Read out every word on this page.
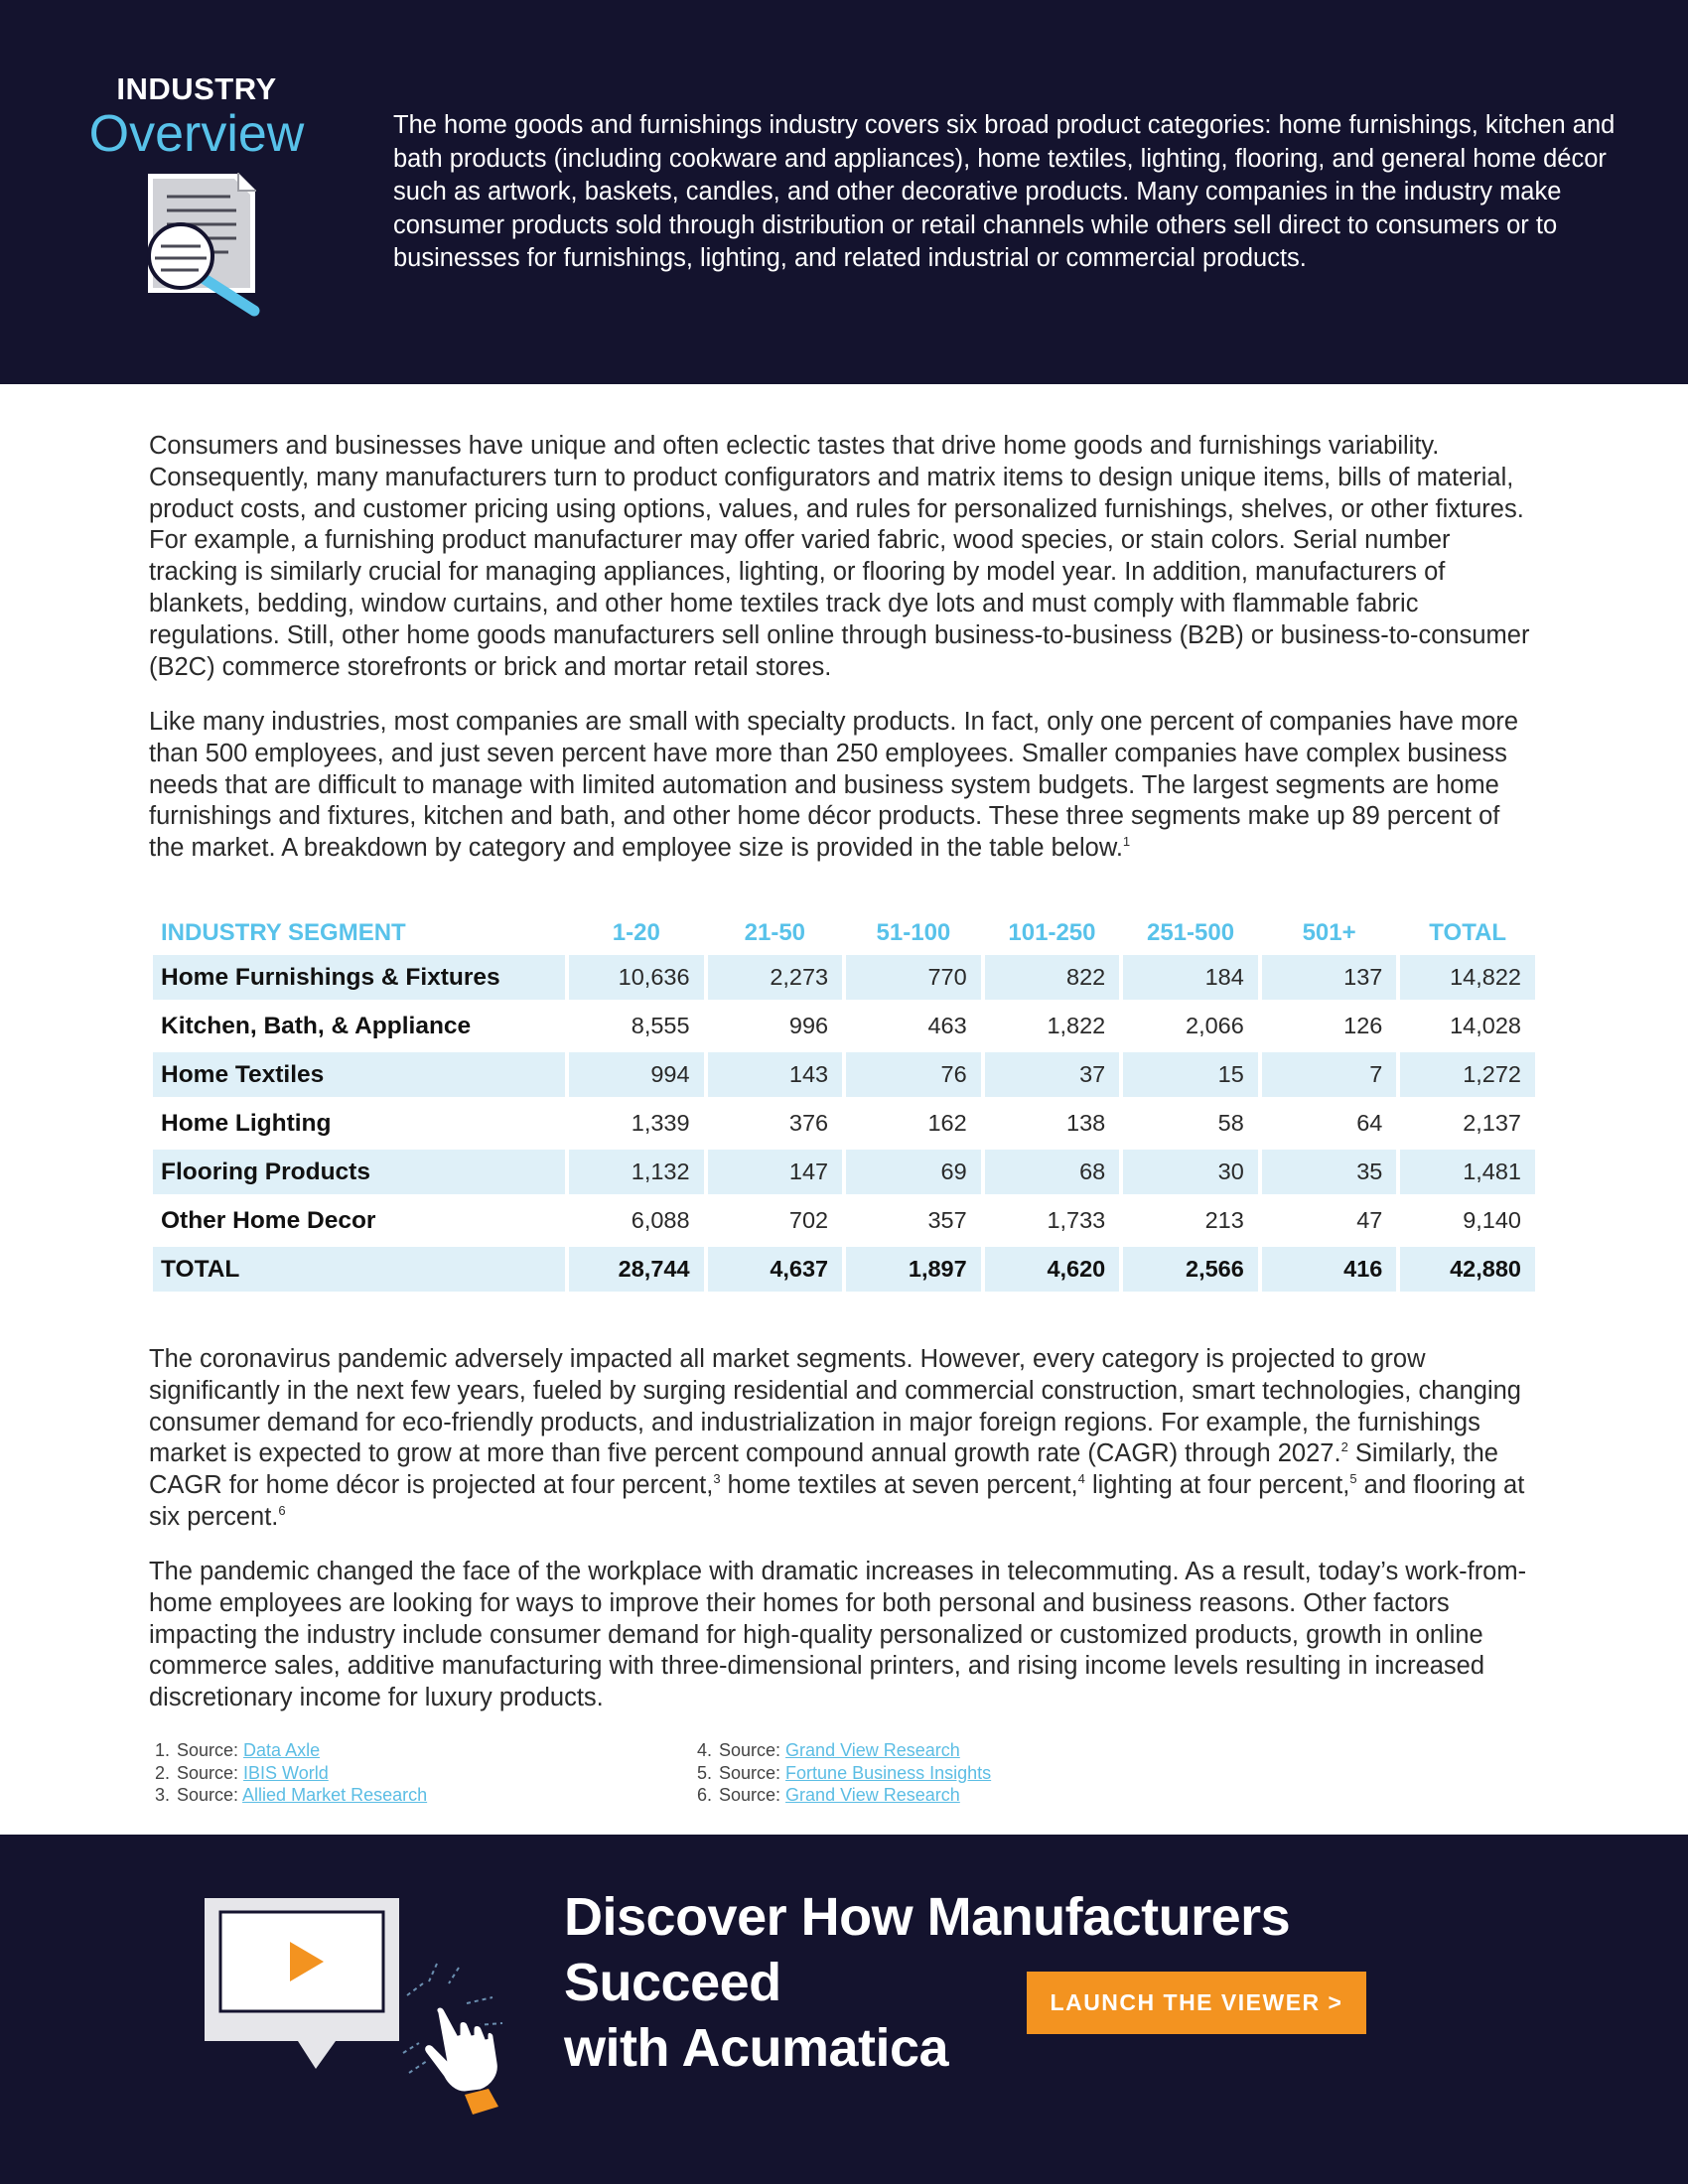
INDUSTRY
Overview	The home goods and furnishings industry covers six broad product categories: home furnishings, kitchen and bath products (including cookware and appliances), home textiles, lighting, flooring, and general home décor such as artwork, baskets, candles, and other decorative products. Many companies in the industry make consumer products sold through distribution or retail channels while others sell direct to consumers or to businesses for furnishings, lighting, and related industrial or commercial products.
Consumers and businesses have unique and often eclectic tastes that drive home goods and furnishings variability. Consequently, many manufacturers turn to product configurators and matrix items to design unique items, bills of material, product costs, and customer pricing using options, values, and rules for personalized furnishings, shelves, or other fixtures. For example, a furnishing product manufacturer may offer varied fabric, wood species, or stain colors. Serial number tracking is similarly crucial for managing appliances, lighting, or flooring by model year. In addition, manufacturers of blankets, bedding, window curtains, and other home textiles track dye lots and must comply with flammable fabric regulations. Still, other home goods manufacturers sell online through business-to-business (B2B) or business-to-consumer (B2C) commerce storefronts or brick and mortar retail stores.
Like many industries, most companies are small with specialty products. In fact, only one percent of companies have more than 500 employees, and just seven percent have more than 250 employees. Smaller companies have complex business needs that are difficult to manage with limited automation and business system budgets. The largest segments are home furnishings and fixtures, kitchen and bath, and other home décor products. These three segments make up 89 percent of the market. A breakdown by category and employee size is provided in the table below.$^1$
INDUSTRY SEGMENT	1-20	21-50	51-100	101-250	251-500	501+	TOTAL
Home Furnishings & Fixtures	10,636	2,273	770	822	184	137	14,822
Kitchen, Bath, & Appliance	8,555	996	463	1,822	2,066	126	14,028
Home Textiles	994	143	76	37	15	7	1,272
Home Lighting	1,339	376	162	138	58	64	2,137
Flooring Products	1,132	147	69	68	30	35	1,481
Other Home Decor	6,088	702	357	1,733	213	47	9,140
TOTAL	28,744	4,637	1,897	4,620	2,566	416	42,880
The coronavirus pandemic adversely impacted all market segments. However, every category is projected to grow significantly in the next few years, fueled by surging residential and commercial construction, smart technologies, changing consumer demand for eco-friendly products, and industrialization in major foreign regions. For example, the furnishings market is expected to grow at more than five percent compound annual growth rate (CAGR) through 2027.$^2$ Similarly, the CAGR for home décor is projected at four percent,$^3$ home textiles at seven percent,$^4$ lighting at four percent,$^5$ and flooring at six percent.$^6$
The pandemic changed the face of the workplace with dramatic increases in telecommuting. As a result, today’s work-from-home employees are looking for ways to improve their homes for both personal and business reasons. Other factors impacting the industry include consumer demand for high-quality personalized or customized products, growth in online commerce sales, additive manufacturing with three-dimensional printers, and rising income levels resulting in increased discretionary income for luxury products.
1. Source: Data Axle
2. Source: IBIS World
3. Source: Allied Market Research
4. Source: Grand View Research
5. Source: Fortune Business Insights
6. Source: Grand View Research
Discover How Manufacturers Succeed
with Acumatica
LAUNCH THE VIEWER >
